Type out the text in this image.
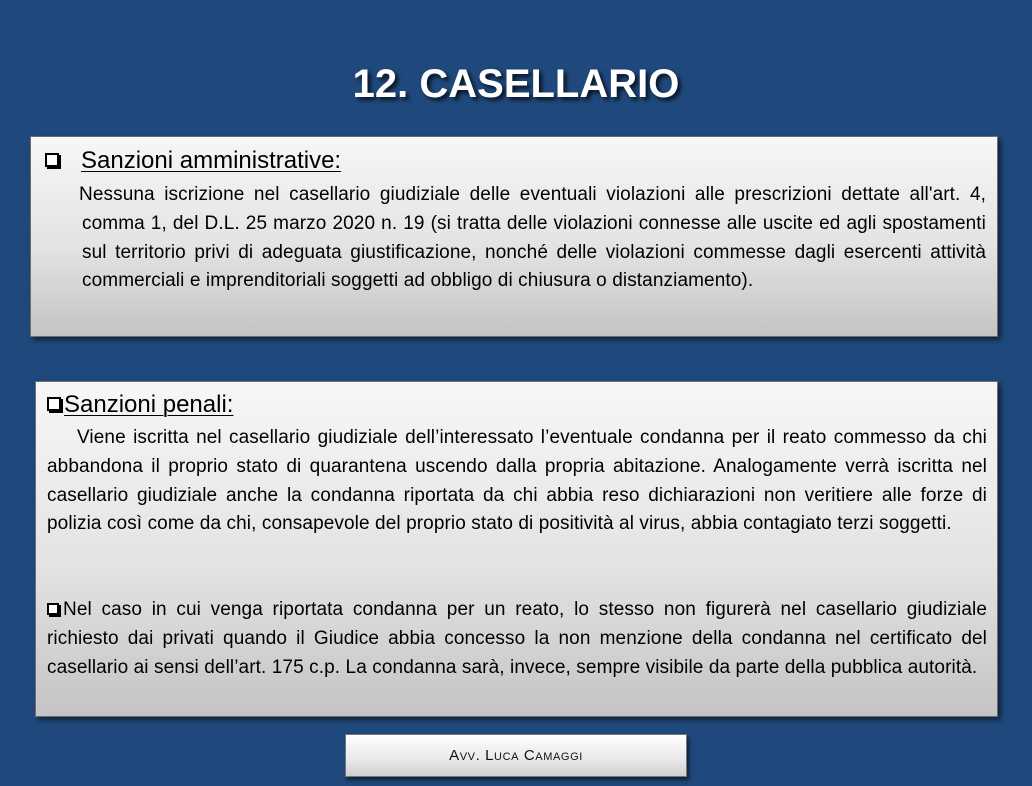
12. CASELLARIO
Sanzioni amministrative:
Nessuna iscrizione nel casellario giudiziale delle eventuali violazioni alle prescrizioni dettate all'art. 4, comma 1, del D.L. 25 marzo 2020 n. 19 (si tratta delle violazioni connesse alle uscite ed agli spostamenti sul territorio privi di adeguata giustificazione, nonché delle violazioni commesse dagli esercenti attività commerciali e imprenditoriali soggetti ad obbligo di chiusura o distanziamento).
Sanzioni penali:
Viene iscritta nel casellario giudiziale dell’interessato l’eventuale condanna per il reato commesso da chi abbandona il proprio stato di quarantena uscendo dalla propria abitazione. Analogamente verrà iscritta nel casellario giudiziale anche la condanna riportata da chi abbia reso dichiarazioni non veritiere alle forze di polizia così come da chi, consapevole del proprio stato di positività al virus, abbia contagiato terzi soggetti.
Nel caso in cui venga riportata condanna per un reato, lo stesso non figurerà nel casellario giudiziale richiesto dai privati quando il Giudice abbia concesso la non menzione della condanna nel certificato del casellario ai sensi dell’art. 175 c.p. La condanna sarà, invece, sempre visibile da parte della pubblica autorità.
Avv. Luca Camaggi
